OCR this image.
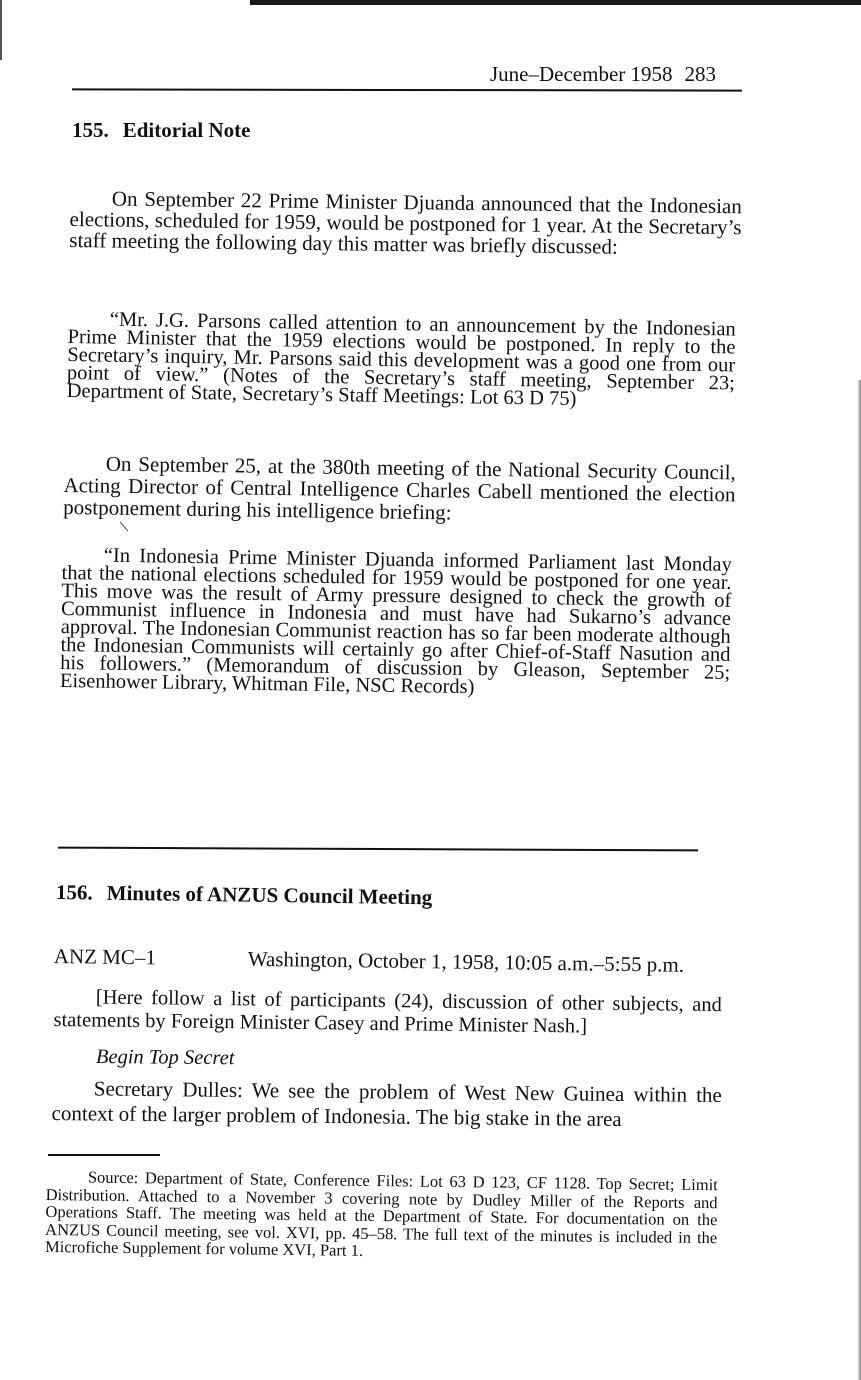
June–December 1958 283
155. Editorial Note
On September 22 Prime Minister Djuanda announced that the Indonesian elections, scheduled for 1959, would be postponed for 1 year. At the Secretary’s staff meeting the following day this matter was briefly discussed:
“Mr. J.G. Parsons called attention to an announcement by the Indonesian Prime Minister that the 1959 elections would be postponed. In reply to the Secretary’s inquiry, Mr. Parsons said this development was a good one from our point of view.” (Notes of the Secretary’s staff meeting, September 23; Department of State, Secretary’s Staff Meetings: Lot 63 D 75)
On September 25, at the 380th meeting of the National Security Council, Acting Director of Central Intelligence Charles Cabell mentioned the election postponement during his intelligence briefing:
“In Indonesia Prime Minister Djuanda informed Parliament last Monday that the national elections scheduled for 1959 would be postponed for one year. This move was the result of Army pressure designed to check the growth of Communist influence in Indonesia and must have had Sukarno’s advance approval. The Indonesian Communist reaction has so far been moderate although the Indonesian Communists will certainly go after Chief-of-Staff Nasution and his followers.” (Memorandum of discussion by Gleason, September 25; Eisenhower Library, Whitman File, NSC Records)
156. Minutes of ANZUS Council Meeting
ANZ MC–1	Washington, October 1, 1958, 10:05 a.m.–5:55 p.m.
[Here follow a list of participants (24), discussion of other subjects, and statements by Foreign Minister Casey and Prime Minister Nash.]
Begin Top Secret
Secretary Dulles: We see the problem of West New Guinea within the context of the larger problem of Indonesia. The big stake in the area
Source: Department of State, Conference Files: Lot 63 D 123, CF 1128. Top Secret; Limit Distribution. Attached to a November 3 covering note by Dudley Miller of the Reports and Operations Staff. The meeting was held at the Department of State. For documentation on the ANZUS Council meeting, see vol. XVI, pp. 45–58. The full text of the minutes is included in the Microfiche Supplement for volume XVI, Part 1.
